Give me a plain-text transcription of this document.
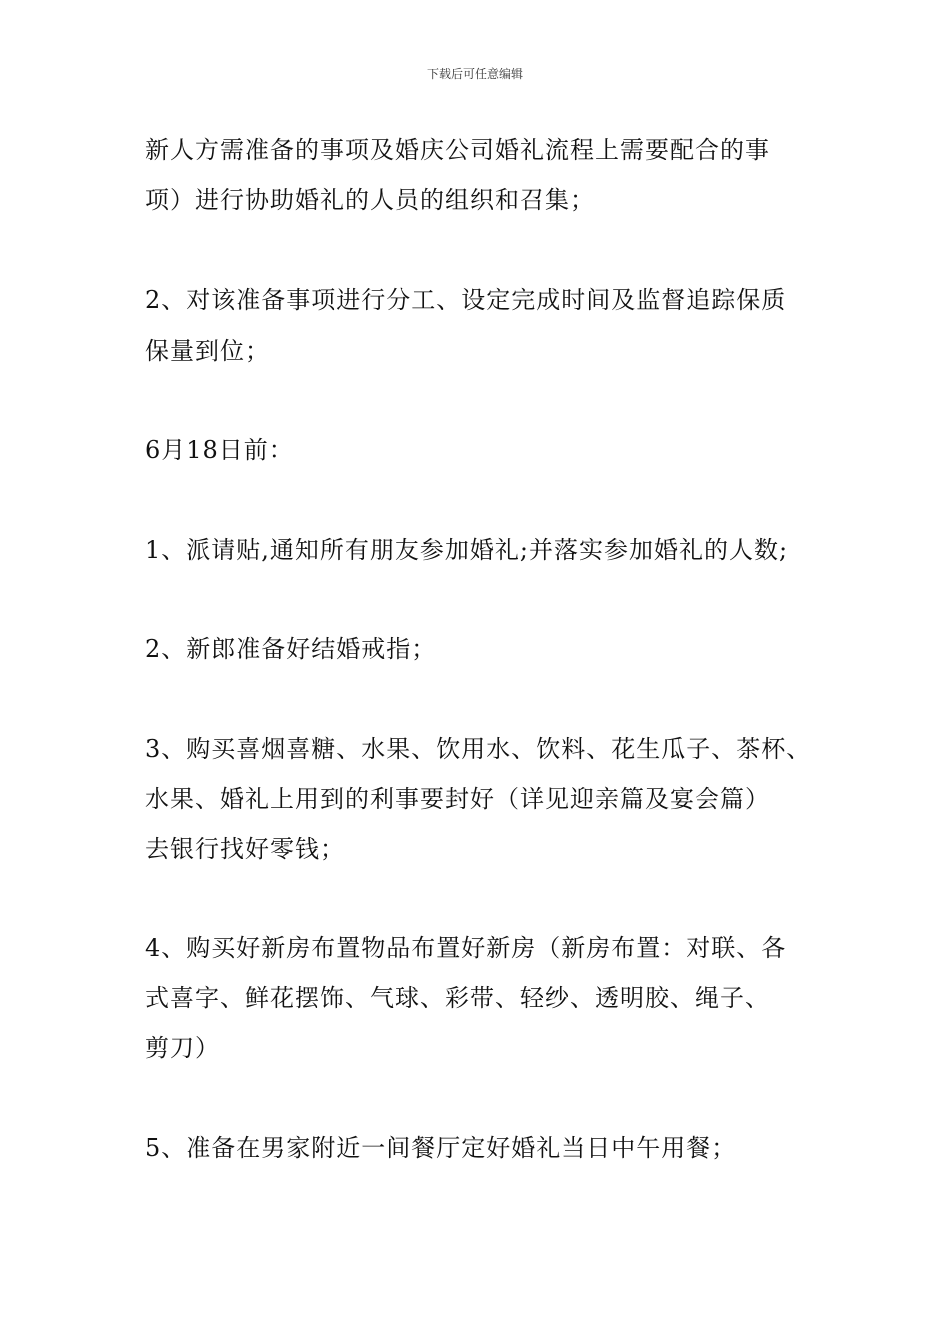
下载后可任意编辑
新人方需准备的事项及婚庆公司婚礼流程上需要配合的事
项）进行协助婚礼的人员的组织和召集；
2、对该准备事项进行分工、设定完成时间及监督追踪保质
保量到位；
6月18日前：
1、派请贴,通知所有朋友参加婚礼;并落实参加婚礼的人数;
2、新郎准备好结婚戒指；
3、购买喜烟喜糖、水果、饮用水、饮料、花生瓜子、茶杯、
水果、婚礼上用到的利事要封好（详见迎亲篇及宴会篇）
去银行找好零钱；
4、购买好新房布置物品布置好新房（新房布置：对联、各
式喜字、鲜花摆饰、气球、彩带、轻纱、透明胶、绳子、
剪刀）
5、准备在男家附近一间餐厅定好婚礼当日中午用餐；
